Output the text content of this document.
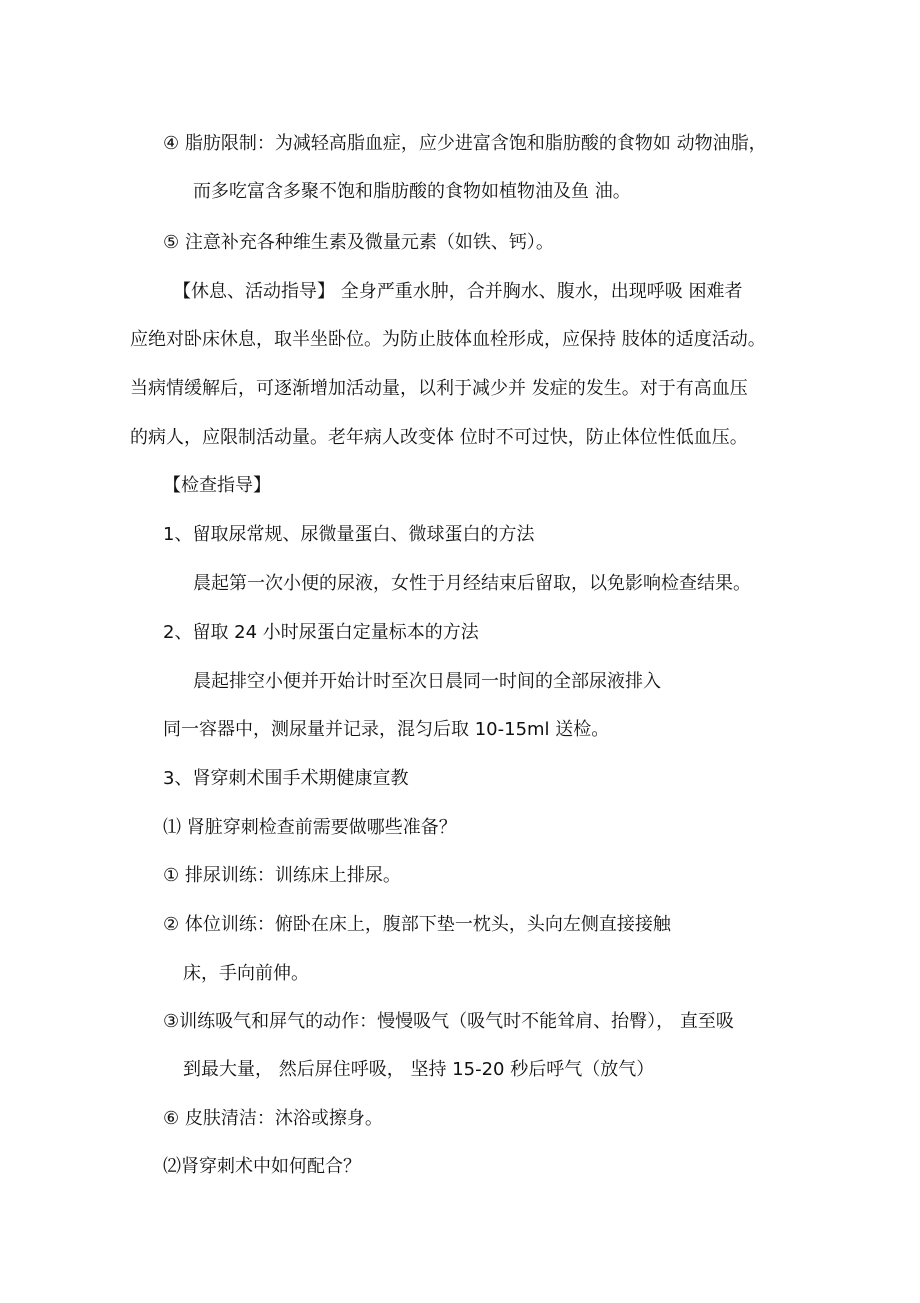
④ 脂肪限制：为减轻高脂血症，应少进富含饱和脂肪酸的食物如 动物油脂，
而多吃富含多聚不饱和脂肪酸的食物如植物油及鱼 油。
⑤ 注意补充各种维生素及微量元素（如铁、钙）。
【休息、活动指导】 全身严重水肿，合并胸水、腹水，出现呼吸 困难者
应绝对卧床休息，取半坐卧位。为防止肢体血栓形成，应保持 肢体的适度活动。
当病情缓解后，可逐渐增加活动量，以利于减少并 发症的发生。对于有高血压
的病人，应限制活动量。老年病人改变体 位时不可过快，防止体位性低血压。
【检查指导】
1、留取尿常规、尿微量蛋白、微球蛋白的方法
晨起第一次小便的尿液，女性于月经结束后留取，以免影响检查结果。
2、留取 24 小时尿蛋白定量标本的方法
晨起排空小便并开始计时至次日晨同一时间的全部尿液排入
同一容器中，测尿量并记录，混匀后取 10-15ml 送检。
3、肾穿刺术围手术期健康宣教
⑴ 肾脏穿刺检查前需要做哪些准备？
① 排尿训练：训练床上排尿。
② 体位训练：俯卧在床上，腹部下垫一枕头，头向左侧直接接触
床，手向前伸。
③训练吸气和屏气的动作：慢慢吸气（吸气时不能耸肩、抬臀）， 直至吸
到最大量， 然后屏住呼吸， 坚持 15-20 秒后呼气（放气）
⑥ 皮肤清洁：沐浴或擦身。
⑵肾穿刺术中如何配合？
